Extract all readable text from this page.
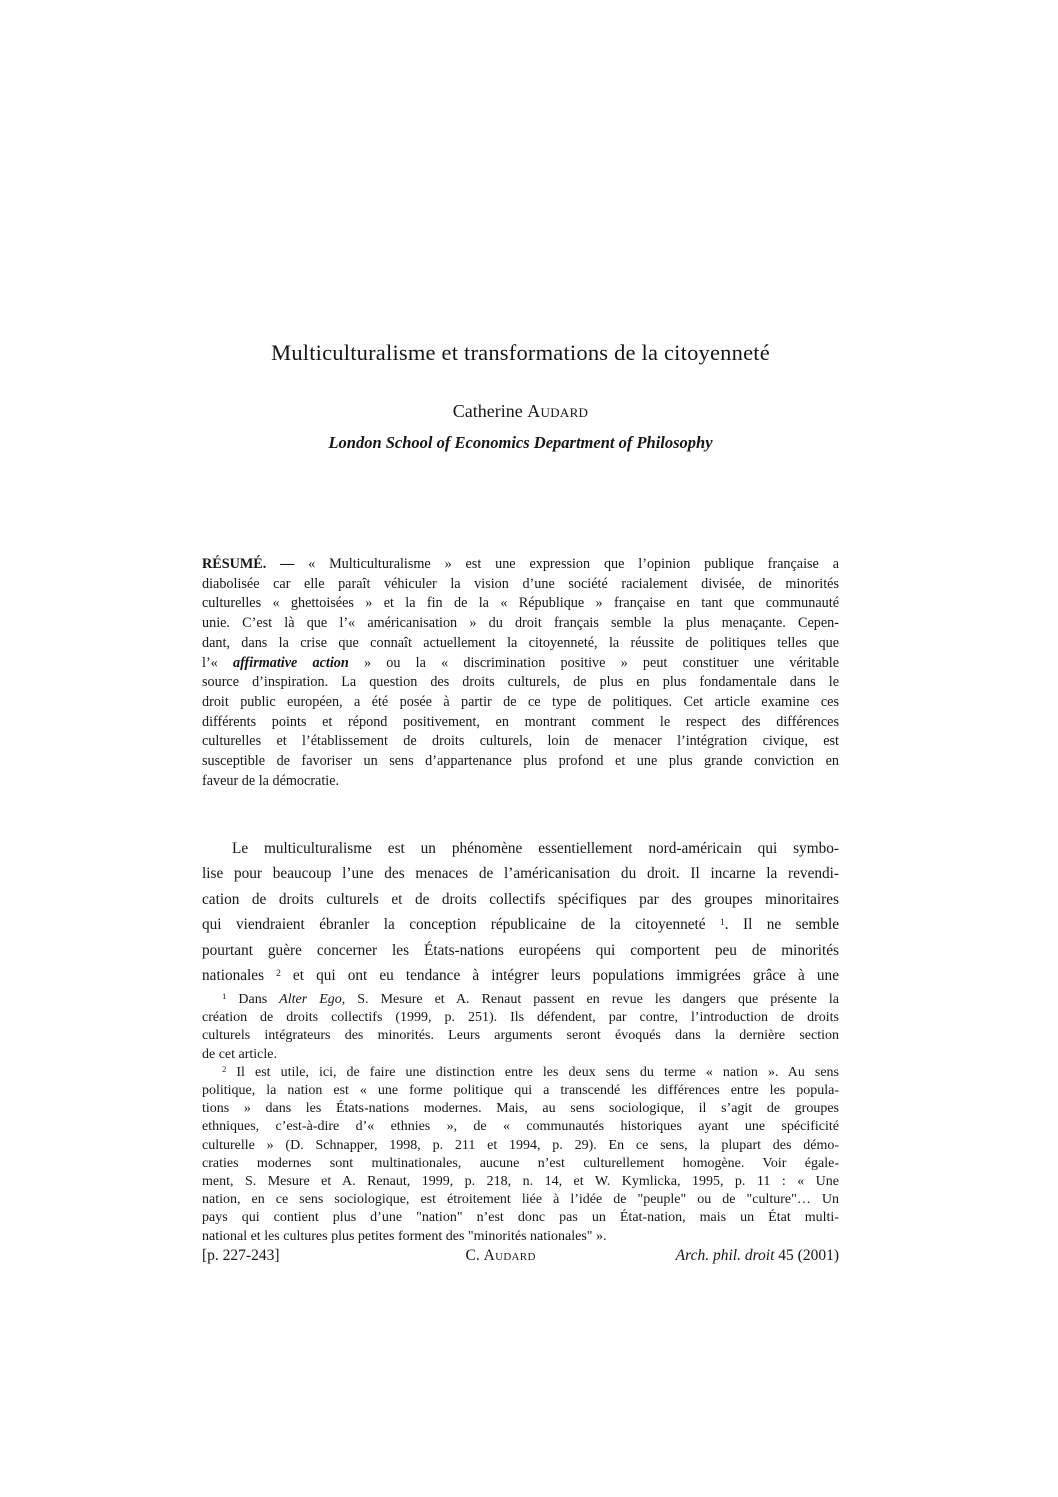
Multiculturalisme et transformations de la citoyenneté
Catherine Audard
London School of Economics Department of Philosophy
RÉSUMÉ. — « Multiculturalisme » est une expression que l’opinion publique française a
diabolisée car elle paraît véhiculer la vision d’une société racialement divisée, de minorités
culturelles « ghettoisées » et la fin de la « République » française en tant que communauté
unie. C’est là que l’« américanisation » du droit français semble la plus menaçante. Cepen-
dant, dans la crise que connaît actuellement la citoyenneté, la réussite de politiques telles que
l’« affirmative action » ou la « discrimination positive » peut constituer une véritable
source d’inspiration. La question des droits culturels, de plus en plus fondamentale dans le
droit public européen, a été posée à partir de ce type de politiques. Cet article examine ces
différents points et répond positivement, en montrant comment le respect des différences
culturelles et l’établissement de droits culturels, loin de menacer l’intégration civique, est
susceptible de favoriser un sens d’appartenance plus profond et une plus grande conviction en
faveur de la démocratie.
Le multiculturalisme est un phénomène essentiellement nord-américain qui symbo-
lise pour beaucoup l’une des menaces de l’américanisation du droit. Il incarne la revendi-
cation de droits culturels et de droits collectifs spécifiques par des groupes minoritaires
qui viendraient ébranler la conception républicaine de la citoyenneté $^1$. Il ne semble
pourtant guère concerner les États-nations européens qui comportent peu de minorités
nationales $^2$ et qui ont eu tendance à intégrer leurs populations immigrées grâce à une
$^1$ Dans Alter Ego, S. Mesure et A. Renaut passent en revue les dangers que présente la
création de droits collectifs (1999, p. 251). Ils défendent, par contre, l’introduction de droits
culturels intégrateurs des minorités. Leurs arguments seront évoqués dans la dernière section
de cet article.
$^2$ Il est utile, ici, de faire une distinction entre les deux sens du terme « nation ». Au sens
politique, la nation est « une forme politique qui a transcendé les différences entre les popula-
tions » dans les États-nations modernes. Mais, au sens sociologique, il s’agit de groupes
ethniques, c’est-à-dire d’« ethnies », de « communautés historiques ayant une spécificité
culturelle » (D. Schnapper, 1998, p. 211 et 1994, p. 29). En ce sens, la plupart des démo-
craties modernes sont multinationales, aucune n’est culturellement homogène. Voir égale-
ment, S. Mesure et A. Renaut, 1999, p. 218, n. 14, et W. Kymlicka, 1995, p. 11 : « Une
nation, en ce sens sociologique, est étroitement liée à l’idée de "peuple" ou de "culture"… Un
pays qui contient plus d’une "nation" n’est donc pas un État-nation, mais un État multi-
national et les cultures plus petites forment des "minorités nationales" ».
[p. 227-243]	C. Audard	Arch. phil. droit 45 (2001)
